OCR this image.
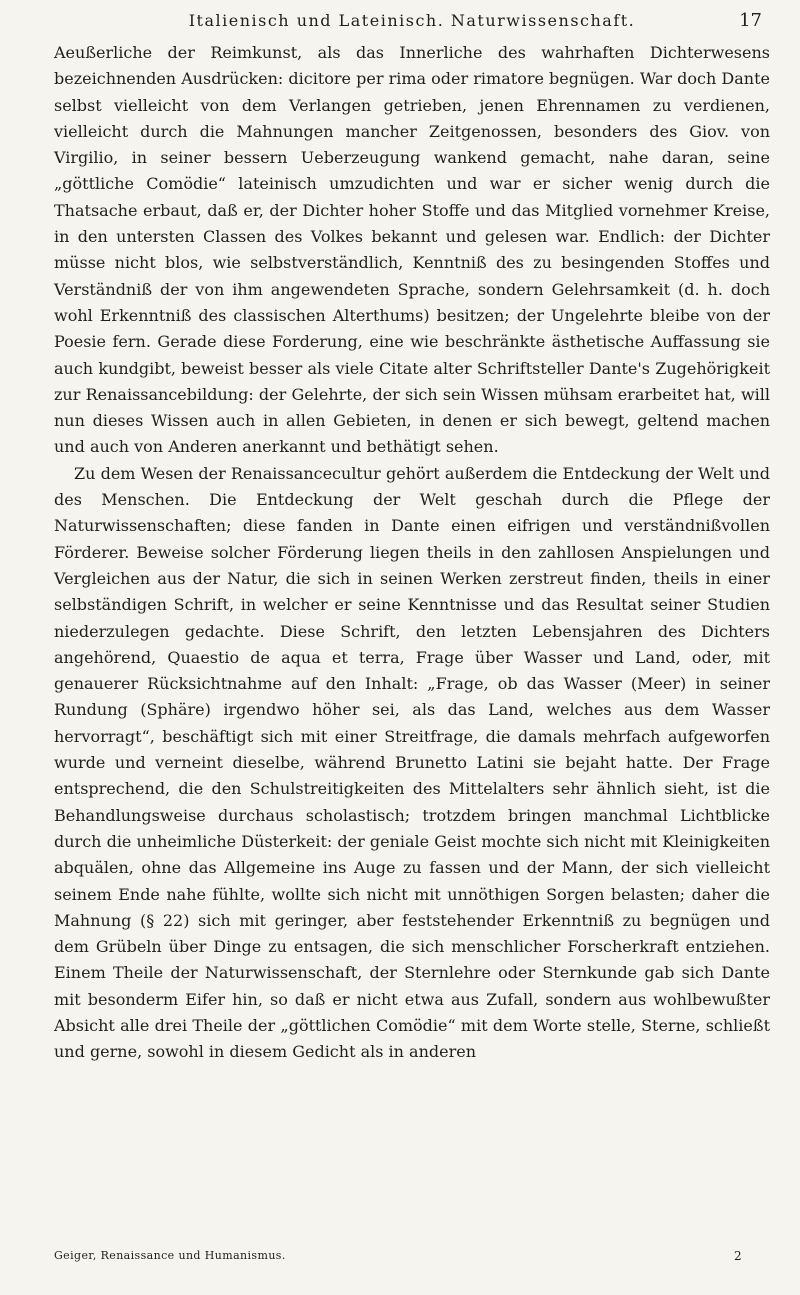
Italienisch und Lateinisch. Naturwissenschaft.	17

Aeußerliche der Reimkunst, als das Innerliche des wahrhaften Dichterwesens bezeichnenden Ausdrücken: dicitore per rima oder rimatore begnügen. War doch Dante selbst vielleicht von dem Verlangen getrieben, jenen Ehrennamen zu verdienen, vielleicht durch die Mahnungen mancher Zeitgenossen, besonders des Giov. von Virgilio, in seiner bessern Ueberzeugung wankend gemacht, nahe daran, seine „göttliche Comödie“ lateinisch umzudichten und war er sicher wenig durch die Thatsache erbaut, daß er, der Dichter hoher Stoffe und das Mitglied vornehmer Kreise, in den untersten Classen des Volkes bekannt und gelesen war. Endlich: der Dichter müsse nicht blos, wie selbstverständlich, Kenntniß des zu besingenden Stoffes und Verständniß der von ihm angewendeten Sprache, sondern Gelehrsamkeit (d. h. doch wohl Erkenntniß des classischen Alterthums) besitzen; der Ungelehrte bleibe von der Poesie fern. Gerade diese Forderung, eine wie beschränkte ästhetische Auffassung sie auch kundgibt, beweist besser als viele Citate alter Schriftsteller Dante's Zugehörigkeit zur Renaissancebildung: der Gelehrte, der sich sein Wissen mühsam erarbeitet hat, will nun dieses Wissen auch in allen Gebieten, in denen er sich bewegt, geltend machen und auch von Anderen anerkannt und bethätigt sehen.

Zu dem Wesen der Renaissancecultur gehört außerdem die Entdeckung der Welt und des Menschen. Die Entdeckung der Welt geschah durch die Pflege der Naturwissenschaften; diese fanden in Dante einen eifrigen und verständnißvollen Förderer. Beweise solcher Förderung liegen theils in den zahllosen Anspielungen und Vergleichen aus der Natur, die sich in seinen Werken zerstreut finden, theils in einer selbständigen Schrift, in welcher er seine Kenntnisse und das Resultat seiner Studien niederzulegen gedachte. Diese Schrift, den letzten Lebensjahren des Dichters angehörend, Quaestio de aqua et terra, Frage über Wasser und Land, oder, mit genauerer Rücksichtnahme auf den Inhalt: „Frage, ob das Wasser (Meer) in seiner Rundung (Sphäre) irgendwo höher sei, als das Land, welches aus dem Wasser hervorragt“, beschäftigt sich mit einer Streitfrage, die damals mehrfach aufgeworfen wurde und verneint dieselbe, während Brunetto Latini sie bejaht hatte. Der Frage entsprechend, die den Schulstreitigkeiten des Mittelalters sehr ähnlich sieht, ist die Behandlungsweise durchaus scholastisch; trotzdem bringen manchmal Lichtblicke durch die unheimliche Düsterkeit: der geniale Geist mochte sich nicht mit Kleinigkeiten abquälen, ohne das Allgemeine ins Auge zu fassen und der Mann, der sich vielleicht seinem Ende nahe fühlte, wollte sich nicht mit unnöthigen Sorgen belasten; daher die Mahnung (§ 22) sich mit geringer, aber feststehender Erkenntniß zu begnügen und dem Grübeln über Dinge zu entsagen, die sich menschlicher Forscherkraft entziehen. Einem Theile der Naturwissenschaft, der Sternlehre oder Sternkunde gab sich Dante mit besonderm Eifer hin, so daß er nicht etwa aus Zufall, sondern aus wohlbewußter Absicht alle drei Theile der „göttlichen Comödie“ mit dem Worte stelle, Sterne, schließt und gerne, sowohl in diesem Gedicht als in anderen

Geiger, Renaissance und Humanismus.	2
